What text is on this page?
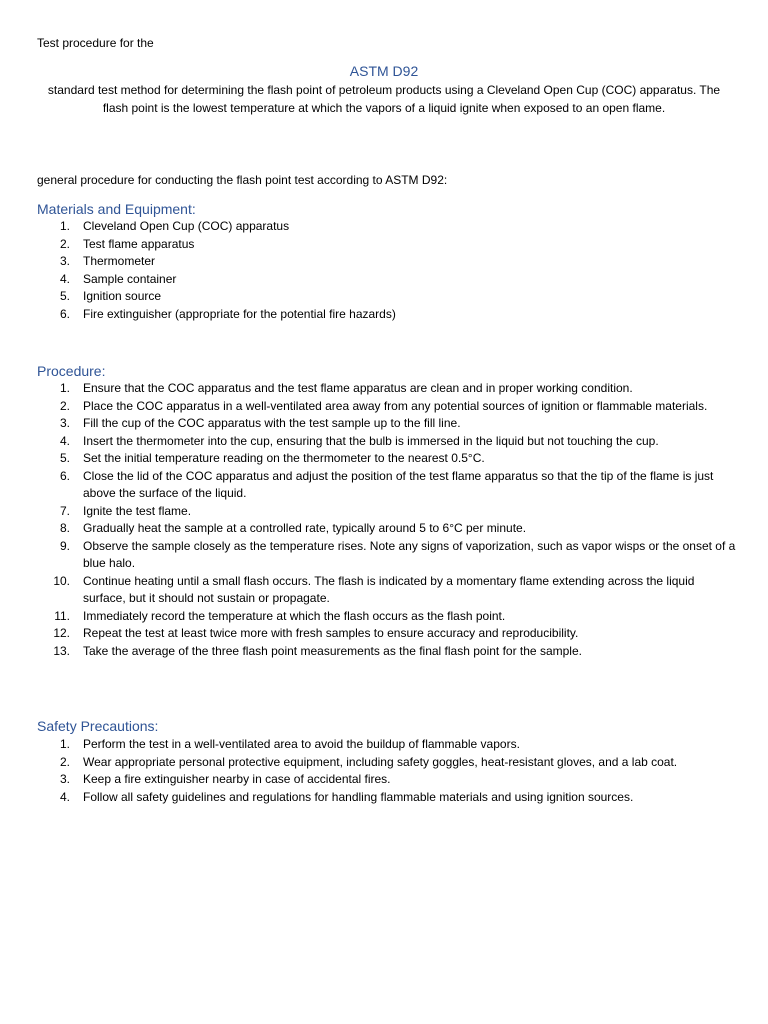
Test procedure for the
ASTM D92
standard test method for determining the flash point of petroleum products using a Cleveland Open Cup (COC) apparatus. The flash point is the lowest temperature at which the vapors of a liquid ignite when exposed to an open flame.
general procedure for conducting the flash point test according to ASTM D92:
Materials and Equipment:
1. Cleveland Open Cup (COC) apparatus
2. Test flame apparatus
3. Thermometer
4. Sample container
5. Ignition source
6. Fire extinguisher (appropriate for the potential fire hazards)
Procedure:
1. Ensure that the COC apparatus and the test flame apparatus are clean and in proper working condition.
2. Place the COC apparatus in a well-ventilated area away from any potential sources of ignition or flammable materials.
3. Fill the cup of the COC apparatus with the test sample up to the fill line.
4. Insert the thermometer into the cup, ensuring that the bulb is immersed in the liquid but not touching the cup.
5. Set the initial temperature reading on the thermometer to the nearest 0.5°C.
6. Close the lid of the COC apparatus and adjust the position of the test flame apparatus so that the tip of the flame is just above the surface of the liquid.
7. Ignite the test flame.
8. Gradually heat the sample at a controlled rate, typically around 5 to 6°C per minute.
9. Observe the sample closely as the temperature rises. Note any signs of vaporization, such as vapor wisps or the onset of a blue halo.
10. Continue heating until a small flash occurs. The flash is indicated by a momentary flame extending across the liquid surface, but it should not sustain or propagate.
11. Immediately record the temperature at which the flash occurs as the flash point.
12. Repeat the test at least twice more with fresh samples to ensure accuracy and reproducibility.
13. Take the average of the three flash point measurements as the final flash point for the sample.
Safety Precautions:
1. Perform the test in a well-ventilated area to avoid the buildup of flammable vapors.
2. Wear appropriate personal protective equipment, including safety goggles, heat-resistant gloves, and a lab coat.
3. Keep a fire extinguisher nearby in case of accidental fires.
4. Follow all safety guidelines and regulations for handling flammable materials and using ignition sources.
